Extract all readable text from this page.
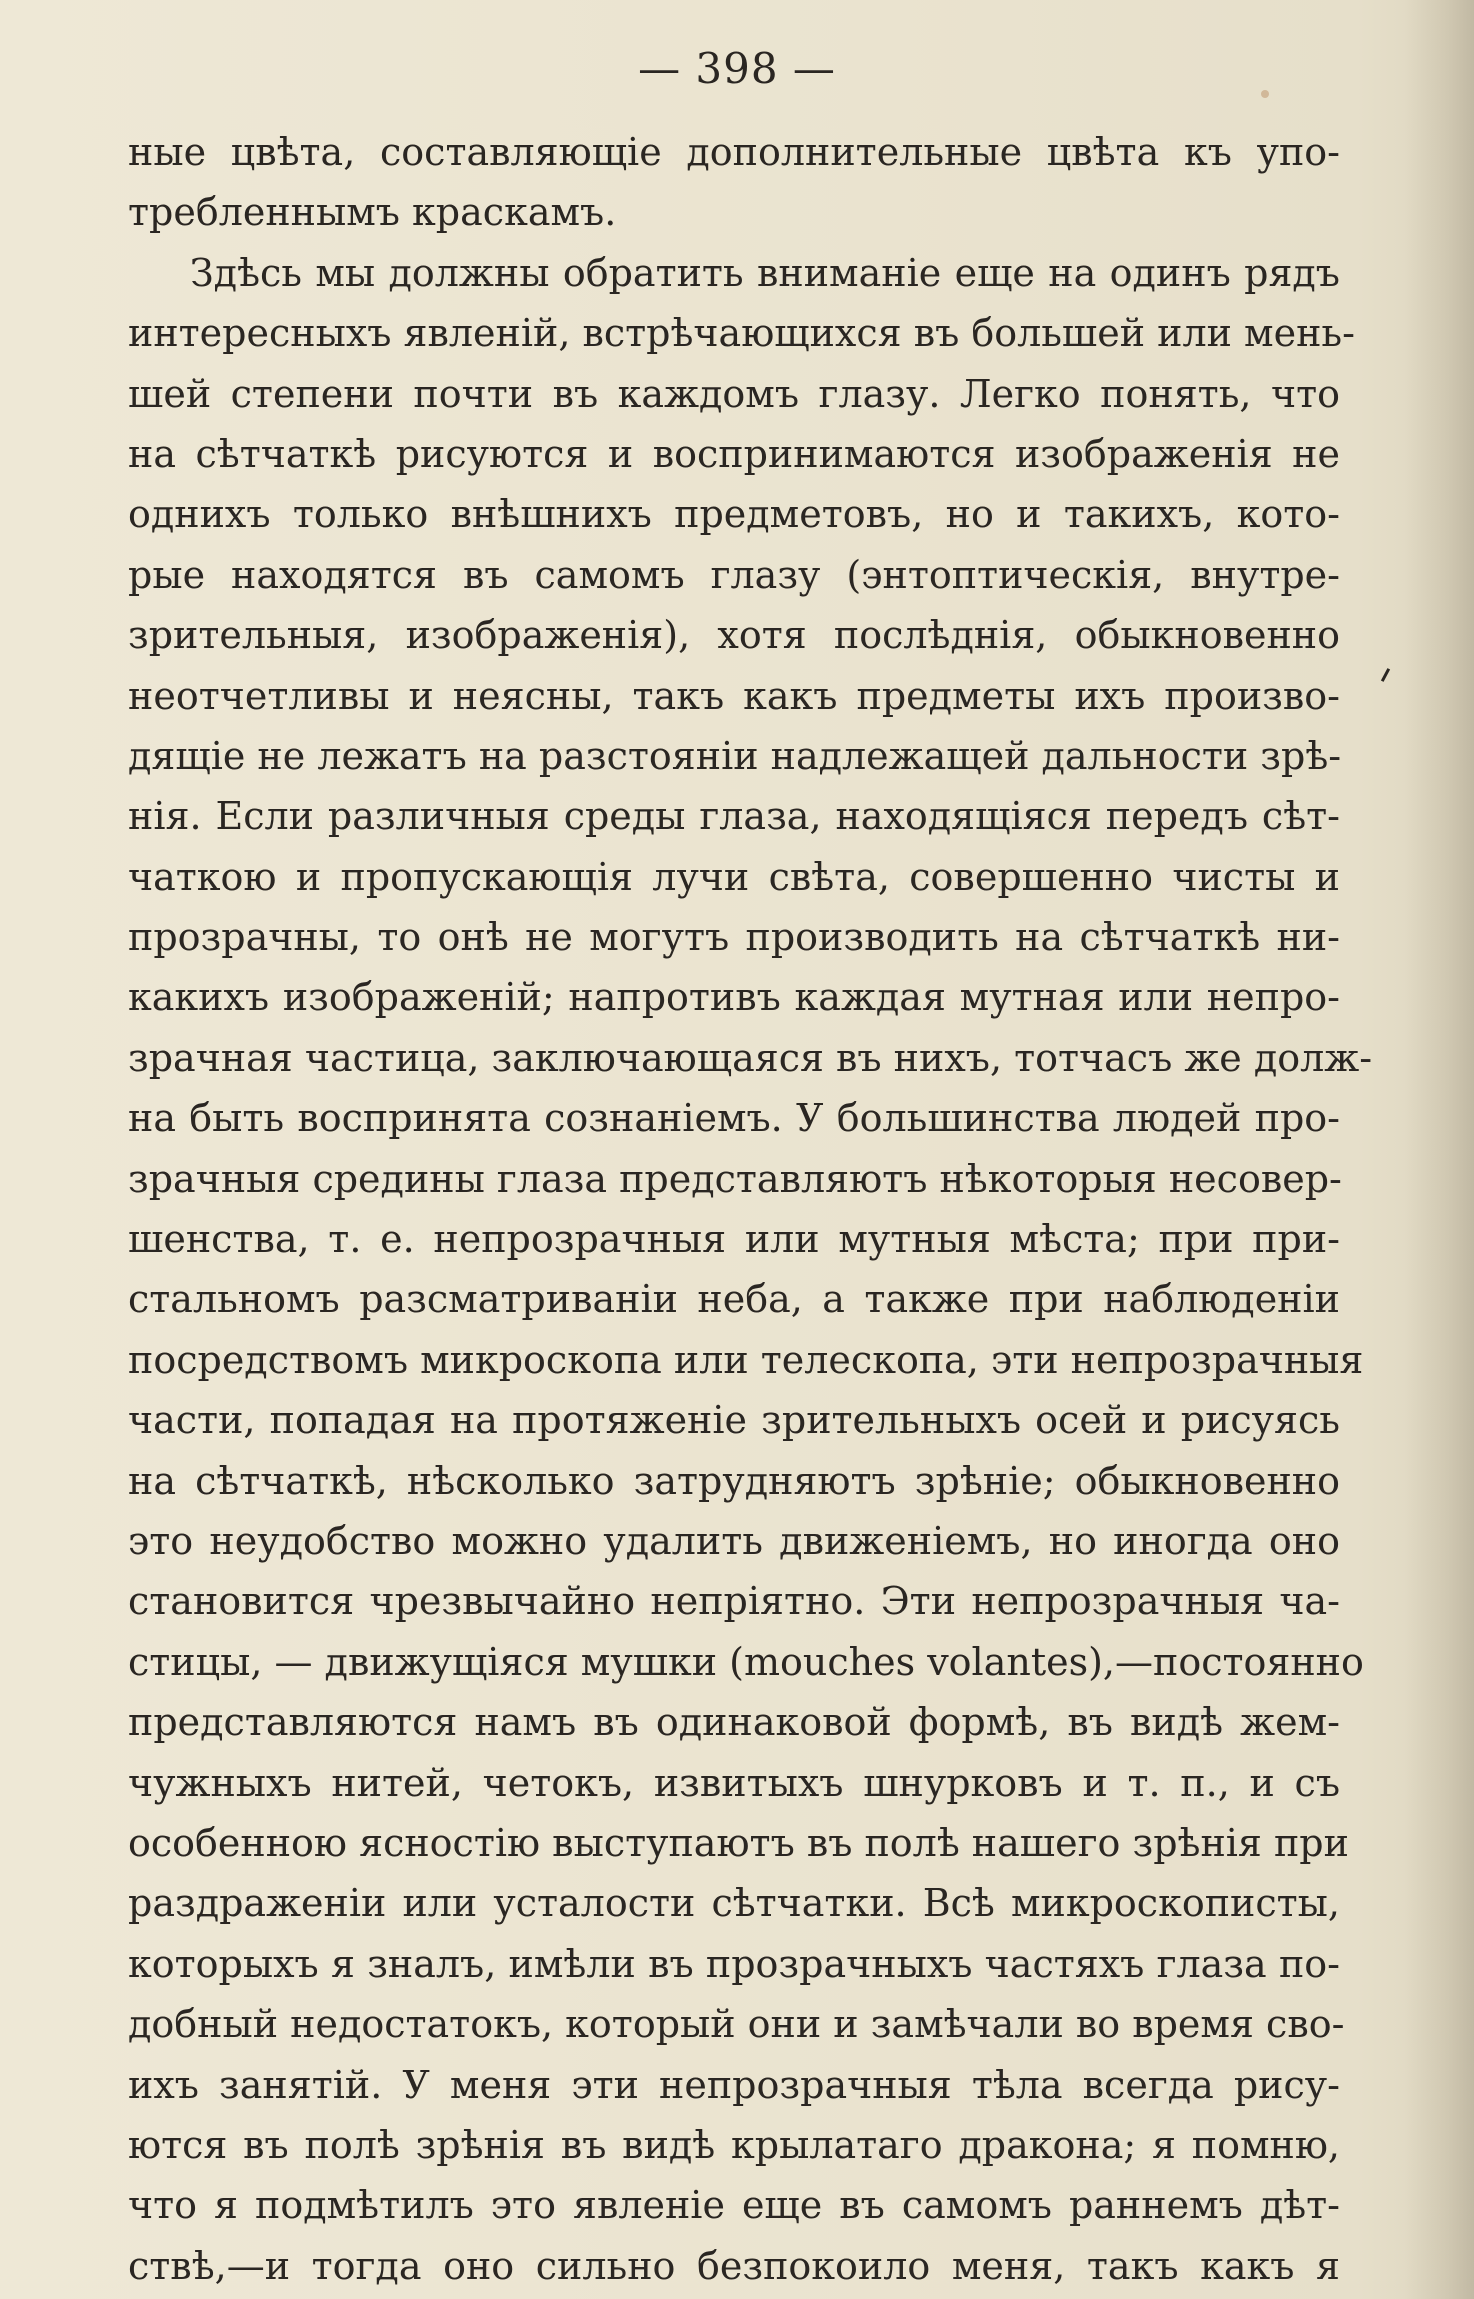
— 398 —
ные цвѣта, составляющіе дополнительные цвѣта къ упо-
требленнымъ краскамъ.
Здѣсь мы должны обратить вниманіе еще на одинъ рядъ
интересныхъ явленій, встрѣчающихся въ большей или мень-
шей степени почти въ каждомъ глазу. Легко понять, что
на сѣтчаткѣ рисуются и воспринимаются изображенія не
однихъ только внѣшнихъ предметовъ, но и такихъ, кото-
рые находятся въ самомъ глазу (энтоптическія, внутре-
зрительныя, изображенія), хотя послѣднія, обыкновенно
неотчетливы и неясны, такъ какъ предметы ихъ произво-
дящіе не лежатъ на разстояніи надлежащей дальности зрѣ-
нія. Если различныя среды глаза, находящіяся передъ сѣт-
чаткою и пропускающія лучи свѣта, совершенно чисты и
прозрачны, то онѣ не могутъ производить на сѣтчаткѣ ни-
какихъ изображеній; напротивъ каждая мутная или непро-
зрачная частица, заключающаяся въ нихъ, тотчасъ же долж-
на быть воспринята сознаніемъ. У большинства людей про-
зрачныя средины глаза представляютъ нѣкоторыя несовер-
шенства, т. е. непрозрачныя или мутныя мѣста; при при-
стальномъ разсматриваніи неба, а также при наблюденіи
посредствомъ микроскопа или телескопа, эти непрозрачныя
части, попадая на протяженіе зрительныхъ осей и рисуясь
на сѣтчаткѣ, нѣсколько затрудняютъ зрѣніе; обыкновенно
это неудобство можно удалить движеніемъ, но иногда оно
становится чрезвычайно непріятно. Эти непрозрачныя ча-
стицы, — движущіяся мушки (mouches volantes),—постоянно
представляются намъ въ одинаковой формѣ, въ видѣ жем-
чужныхъ нитей, четокъ, извитыхъ шнурковъ и т. п., и съ
особенною ясностію выступаютъ въ полѣ нашего зрѣнія при
раздраженіи или усталости сѣтчатки. Всѣ микроскописты,
которыхъ я зналъ, имѣли въ прозрачныхъ частяхъ глаза по-
добный недостатокъ, который они и замѣчали во время сво-
ихъ занятій. У меня эти непрозрачныя тѣла всегда рису-
ются въ полѣ зрѣнія въ видѣ крылатаго дракона; я помню,
что я подмѣтилъ это явленіе еще въ самомъ раннемъ дѣт-
ствѣ,—и тогда оно сильно безпокоило меня, такъ какъ я
